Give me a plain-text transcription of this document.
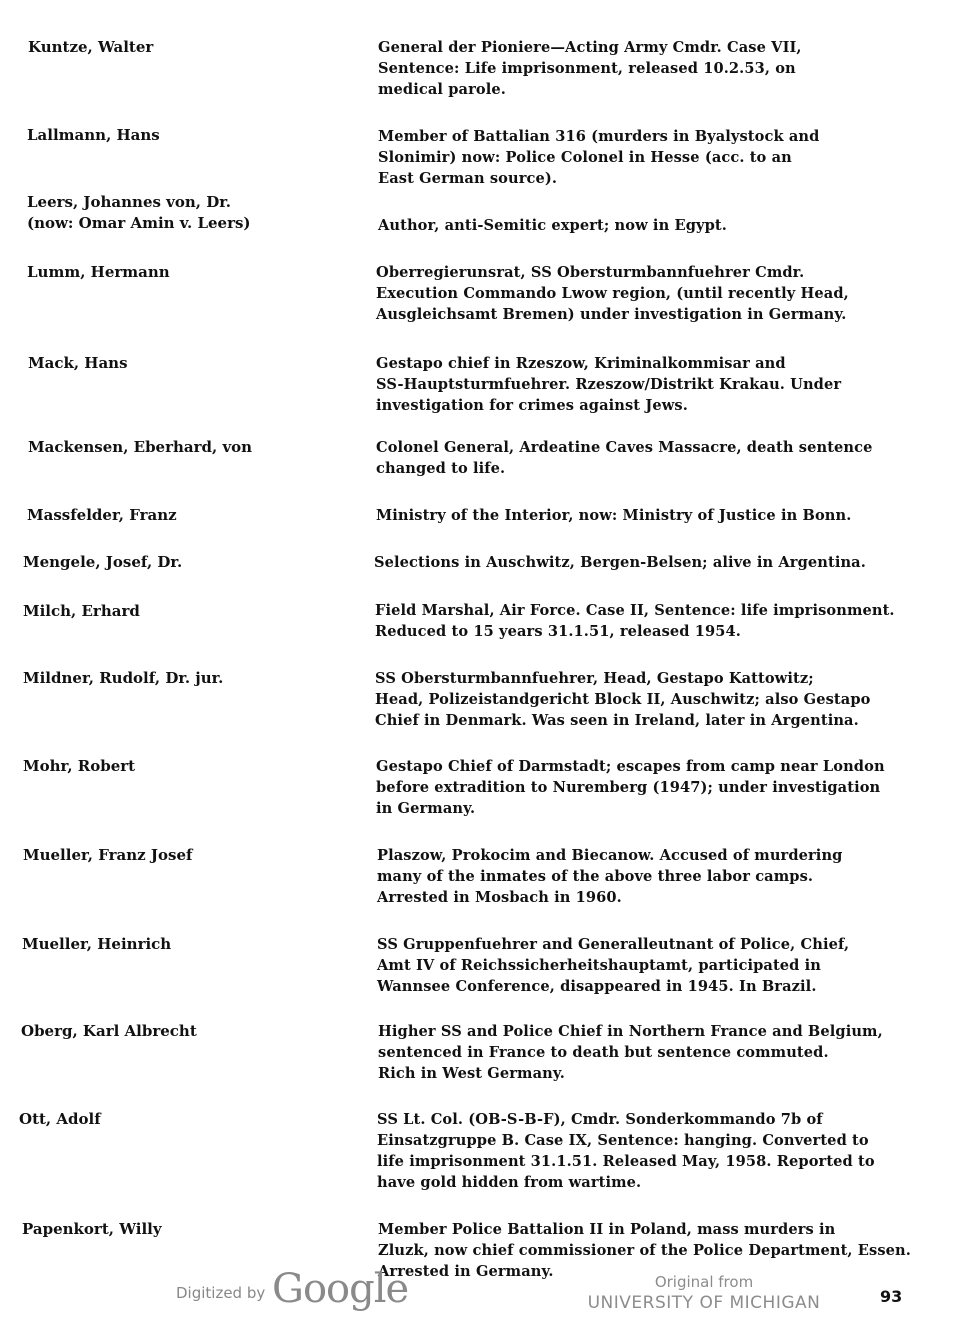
Kuntze, Walter	General der Pioniere—Acting Army Cmdr. Case VII,
Sentence: Life imprisonment, released 10.2.53, on
medical parole.
Lallmann, Hans	Member of Battalian 316 (murders in Byalystock and
Slonimir) now: Police Colonel in Hesse (acc. to an
East German source).
Leers, Johannes von, Dr.
(now: Omar Amin v. Leers)	Author, anti-Semitic expert; now in Egypt.
Lumm, Hermann	Oberregierunsrat, SS Obersturmbannfuehrer Cmdr.
Execution Commando Lwow region, (until recently Head,
Ausgleichsamt Bremen) under investigation in Germany.
Mack, Hans	Gestapo chief in Rzeszow, Kriminalkommisar and
SS-Hauptsturmfuehrer. Rzeszow/Distrikt Krakau. Under
investigation for crimes against Jews.
Mackensen, Eberhard, von	Colonel General, Ardeatine Caves Massacre, death sentence
changed to life.
Massfelder, Franz	Ministry of the Interior, now: Ministry of Justice in Bonn.
Mengele, Josef, Dr.	Selections in Auschwitz, Bergen-Belsen; alive in Argentina.
Milch, Erhard	Field Marshal, Air Force. Case II, Sentence: life imprisonment.
Reduced to 15 years 31.1.51, released 1954.
Mildner, Rudolf, Dr. jur.	SS Obersturmbannfuehrer, Head, Gestapo Kattowitz;
Head, Polizeistandgericht Block II, Auschwitz; also Gestapo
Chief in Denmark. Was seen in Ireland, later in Argentina.
Mohr, Robert	Gestapo Chief of Darmstadt; escapes from camp near London
before extradition to Nuremberg (1947); under investigation
in Germany.
Mueller, Franz Josef	Plaszow, Prokocim and Biecanow. Accused of murdering
many of the inmates of the above three labor camps.
Arrested in Mosbach in 1960.
Mueller, Heinrich	SS Gruppenfuehrer and Generalleutnant of Police, Chief,
Amt IV of Reichssicherheitshauptamt, participated in
Wannsee Conference, disappeared in 1945. In Brazil.
Oberg, Karl Albrecht	Higher SS and Police Chief in Northern France and Belgium,
sentenced in France to death but sentence commuted.
Rich in West Germany.
Ott, Adolf	SS Lt. Col. (OB-S-B-F), Cmdr. Sonderkommando 7b of
Einsatzgruppe B. Case IX, Sentence: hanging. Converted to
life imprisonment 31.1.51. Released May, 1958. Reported to
have gold hidden from wartime.
Papenkort, Willy	Member Police Battalion II in Poland, mass murders in
Zluzk, now chief commissioner of the Police Department, Essen.
Arrested in Germany.
Digitized by Google	Original from
UNIVERSITY OF MICHIGAN	93
